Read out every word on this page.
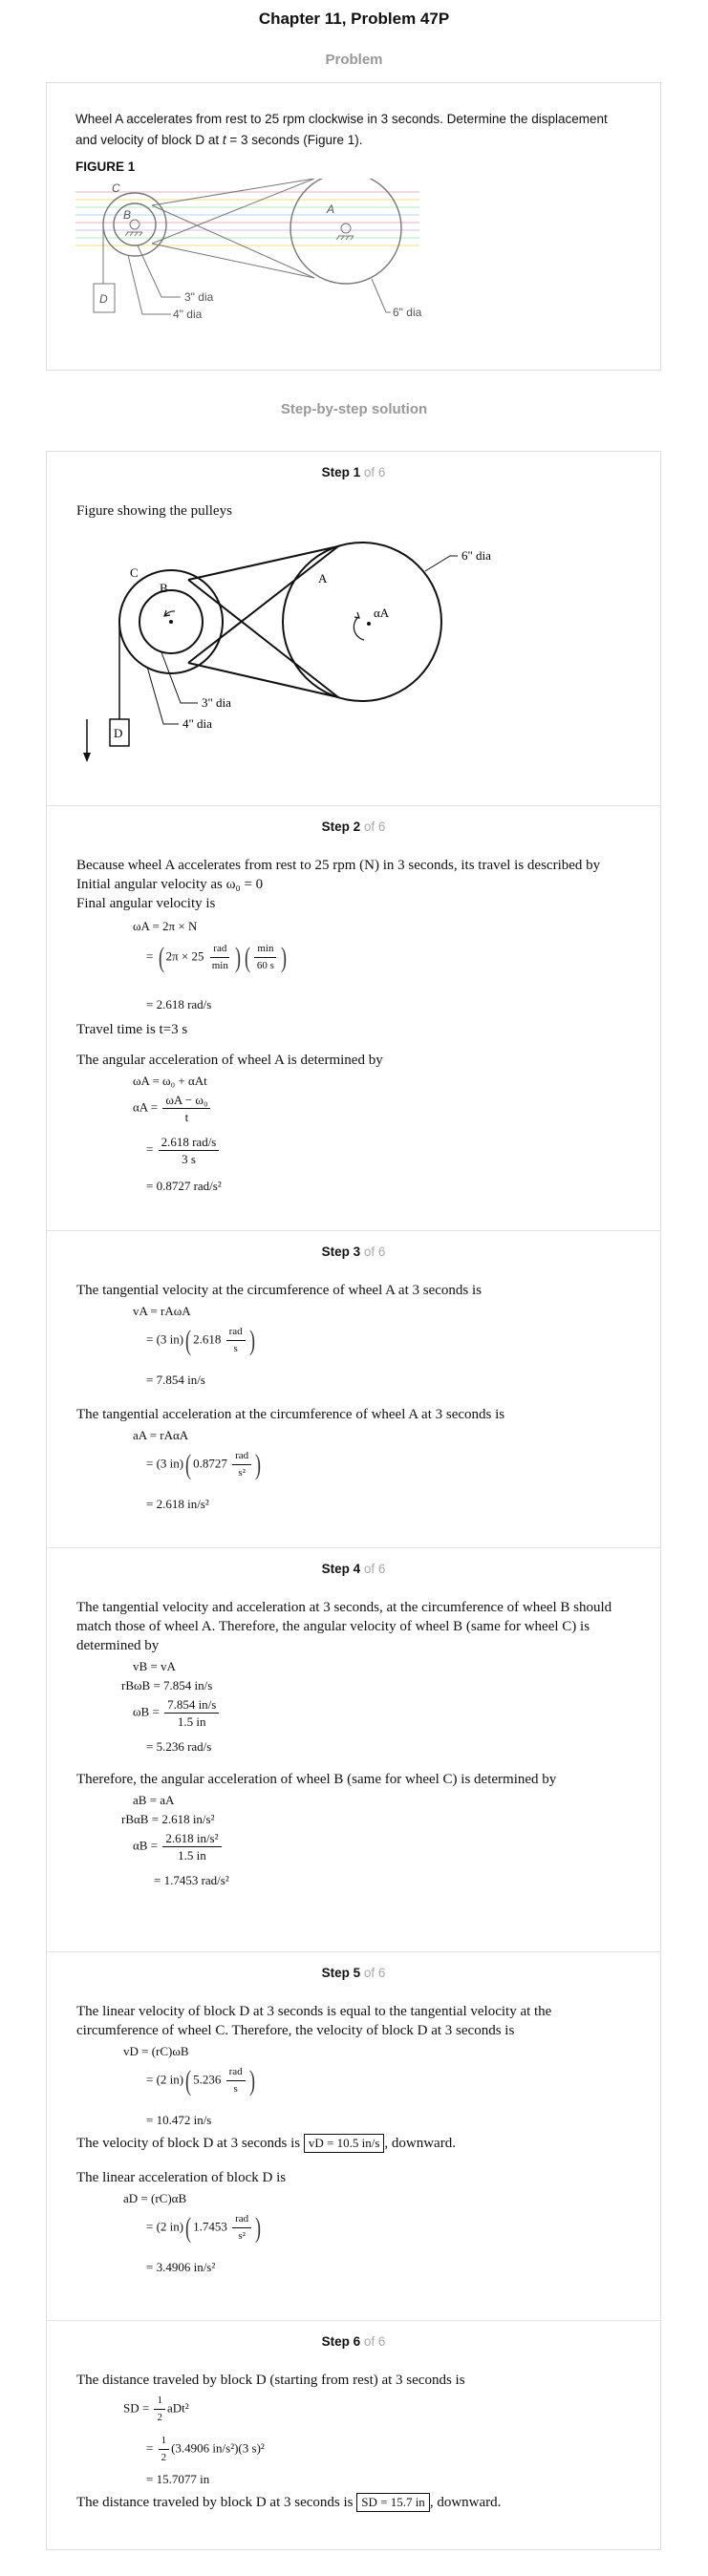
Chapter 11, Problem 47P
Problem
Wheel A accelerates from rest to 25 rpm clockwise in 3 seconds. Determine the displacement and velocity of block D at t = 3 seconds (Figure 1).
FIGURE 1
D
C
B	A
3" dia
4" dia	6" dia
Step-by-step solution
Step 1 of 6
Figure showing the pulleys
D
C
B
A
αA
3" dia
4" dia
6" dia
Step 2 of 6
Because wheel A accelerates from rest to 25 rpm (N) in 3 seconds, its travel is described by Initial angular velocity as ω₀ = 0
Final angular velocity is
ωA = 2π × N
= ( $2\pi \times 25 \frac{\text{rad}}{\min}$ ) ( $\frac{\min}{60 s}$ )
= 2.618 rad/s
Travel time is t=3 s
The angular acceleration of wheel A is determined by
ωA = ω₀ + αAt
$\alpha A = \frac{\text{ωA − ω₀}}{t}$
= $\frac{\text{2.618 rad/s}}{3 s}$
= 0.8727 rad/s²
Step 3 of 6
The tangential velocity at the circumference of wheel A at 3 seconds is
vA = rAωA
= (3 in)( $2.618 \frac{\text{rad}}{s}$ )
= 7.854 in/s
The tangential acceleration at the circumference of wheel A at 3 seconds is
aA = rAαA
= (3 in)( $0.8727 \frac{\text{rad}}{\text{s²}}$ )
= 2.618 in/s²
Step 4 of 6
The tangential velocity and acceleration at 3 seconds, at the circumference of wheel B should match those of wheel A. Therefore, the angular velocity of wheel B (same for wheel C) is determined by
vB = vA
rBωB = 7.854 in/s
$\omega B = \frac{7.854 in/s}{1.5 in}$
= 5.236 rad/s
Therefore, the angular acceleration of wheel B (same for wheel C) is determined by
aB = aA
rBαB = 2.618 in/s²
$\alpha B = \frac{\text{2.618 in/s²}}{1.5 in}$
= 1.7453 rad/s²
Step 5 of 6
The linear velocity of block D at 3 seconds is equal to the tangential velocity at the circumference of wheel C. Therefore, the velocity of block D at 3 seconds is
vD = (rC)ωB
= (2 in)( $5.236 \frac{\text{rad}}{s}$ )
= 10.472 in/s
The velocity of block D at 3 seconds is vD = 10.5 in/s , downward.
The linear acceleration of block D is
aD = (rC)αB
= (2 in)( $1.7453 \frac{\text{rad}}{\text{s²}}$ )
= 3.4906 in/s²
Step 6 of 6
The distance traveled by block D (starting from rest) at 3 seconds is
SD = $\frac{1}{2} aDt^2$
= $\frac{1}{2} (3.4906$ in/s²)(3 s)²
= 15.7077 in
The distance traveled by block D at 3 seconds is SD = 15.7 in , downward.
